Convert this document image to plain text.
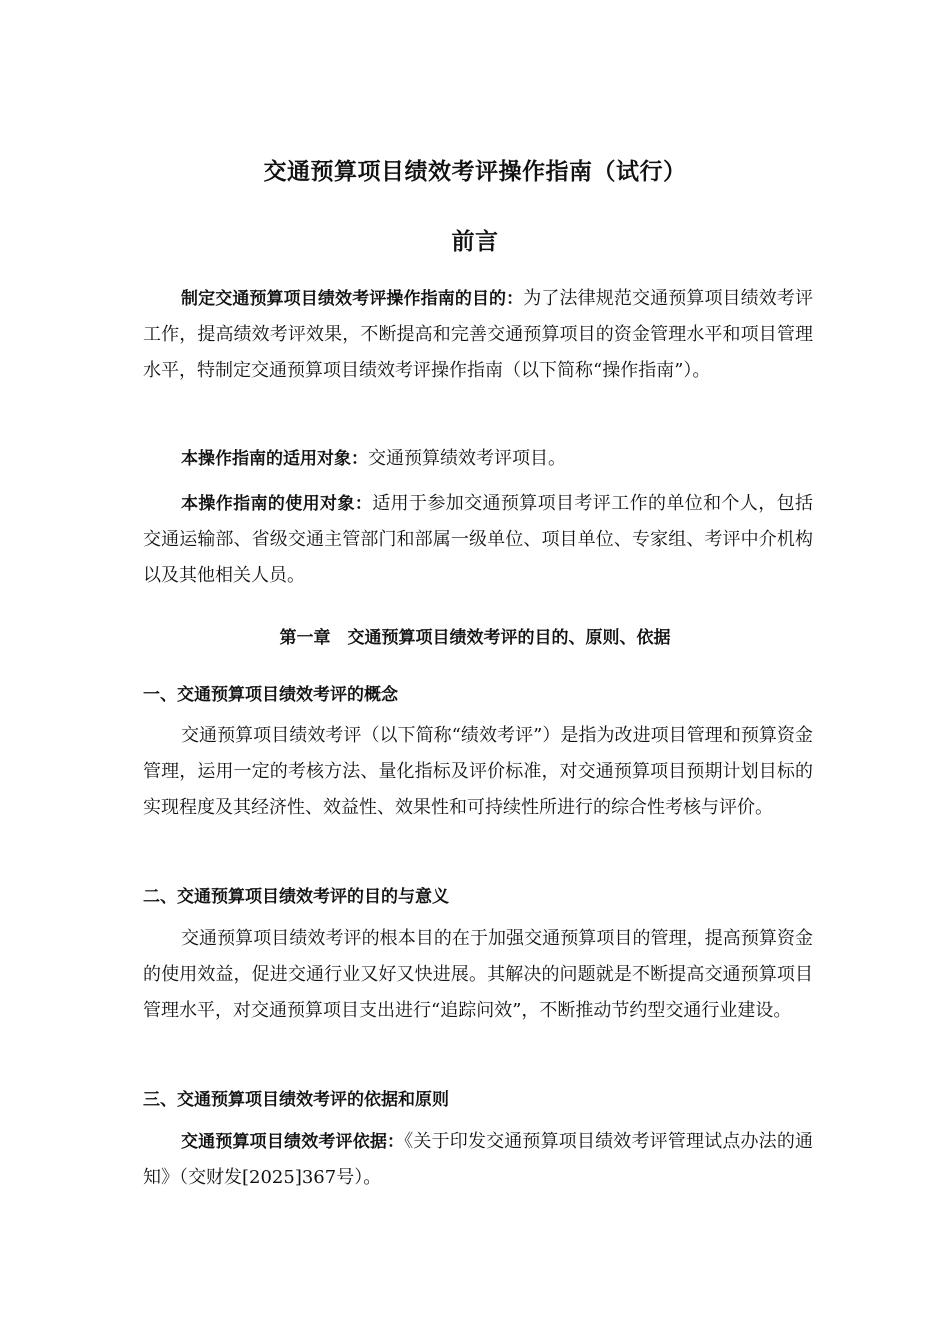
交通预算项目绩效考评操作指南（试行）
前言

制定交通预算项目绩效考评操作指南的目的：为了法律规范交通预算项目绩效考评工作，提高绩效考评效果，不断提高和完善交通预算项目的资金管理水平和项目管理水平，特制定交通预算项目绩效考评操作指南（以下简称“操作指南”）。

本操作指南的适用对象：交通预算绩效考评项目。

本操作指南的使用对象：适用于参加交通预算项目考评工作的单位和个人，包括交通运输部、省级交通主管部门和部属一级单位、项目单位、专家组、考评中介机构以及其他相关人员。

第一章　交通预算项目绩效考评的目的、原则、依据
一、交通预算项目绩效考评的概念

交通预算项目绩效考评（以下简称“绩效考评”）是指为改进项目管理和预算资金管理，运用一定的考核方法、量化指标及评价标准，对交通预算项目预期计划目标的实现程度及其经济性、效益性、效果性和可持续性所进行的综合性考核与评价。

二、交通预算项目绩效考评的目的与意义

交通预算项目绩效考评的根本目的在于加强交通预算项目的管理，提高预算资金的使用效益，促进交通行业又好又快进展。其解决的问题就是不断提高交通预算项目管理水平，对交通预算项目支出进行“追踪问效”，不断推动节约型交通行业建设。

三、交通预算项目绩效考评的依据和原则

交通预算项目绩效考评依据：《关于印发交通预算项目绩效考评管理试点办法的通知》（交财发[2025]367号）。
